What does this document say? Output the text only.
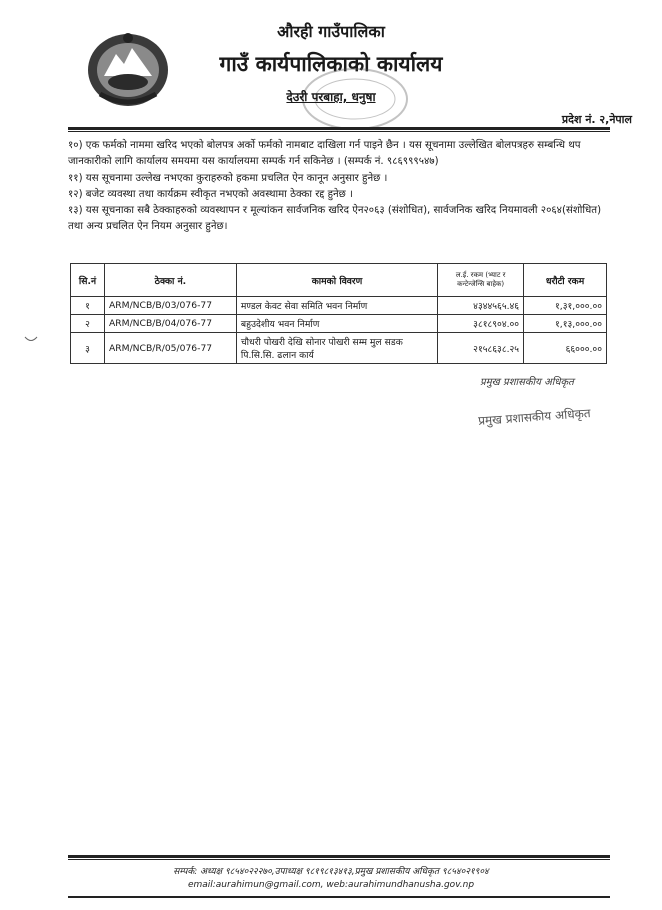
औरही गाउँपालिका
गाउँ कार्यपालिकाको कार्यालय
देउरी परबाहा, धनुषा
प्रदेश नं. २,नेपाल
१०) एक फर्मको नाममा खरिद भएको बोलपत्र अर्को फर्मको नामबाट दाखिला गर्न पाइने छैन । यस सूचनामा उल्लेखित बोलपत्रहरु सम्बन्धि थप जानकारीको लागि कार्यालय समयमा यस कार्यालयमा सम्पर्क गर्न सकिनेछ । (सम्पर्क नं. ९८६९९९५४७)
११) यस सूचनामा उल्लेख नभएका कुराहरुको हकमा प्रचलित ऐन कानून अनुसार हुनेछ ।
१२) बजेट व्यवस्था तथा कार्यक्रम स्वीकृत नभएको अवस्थामा ठेक्का रद्द हुनेछ ।
१३) यस सूचनाका सबै ठेक्काहरुको व्यवस्थापन र मूल्यांकन सार्वजनिक खरिद ऐन२०६३ (संशोधित), सार्वजनिक खरिद नियमावली २०६४(संशोधित) तथा अन्य प्रचलित ऐन नियम अनुसार हुनेछ।
सि.नं	ठेक्का नं.	कामको विवरण	ल.ई. रकम (भ्याट र कन्टेन्जेन्सि बाहेक)	धरौटी रकम
१	ARM/NCB/B/03/076-77	मण्डल केवट सेवा समिति भवन निर्माण	४३४४५६५.४६	१,३१,०००.००
२	ARM/NCB/B/04/076-77	बहुउदेशीय भवन निर्माण	३८१८९०४.००	१,१३,०००.००
३	ARM/NCB/R/05/076-77	चौधरी पोखरी देखि सोनार पोखरी सम्म मुल सडक पि.सि.सि. ढलान कार्य	२१५८६३८.२५	६६०००.००
प्रमुख प्रशासकीय अधिकृत
प्रमुख प्रशासकीय अधिकृत
सम्पर्क: अध्यक्ष ९८५४०२२२७०,उपाध्यक्ष ९८१९८१३४१३,प्रमुख प्रशासकीय अधिकृत ९८५४०२१९०४
email:aurahimun@gmail.com, web:aurahimundhanusha.gov.np
